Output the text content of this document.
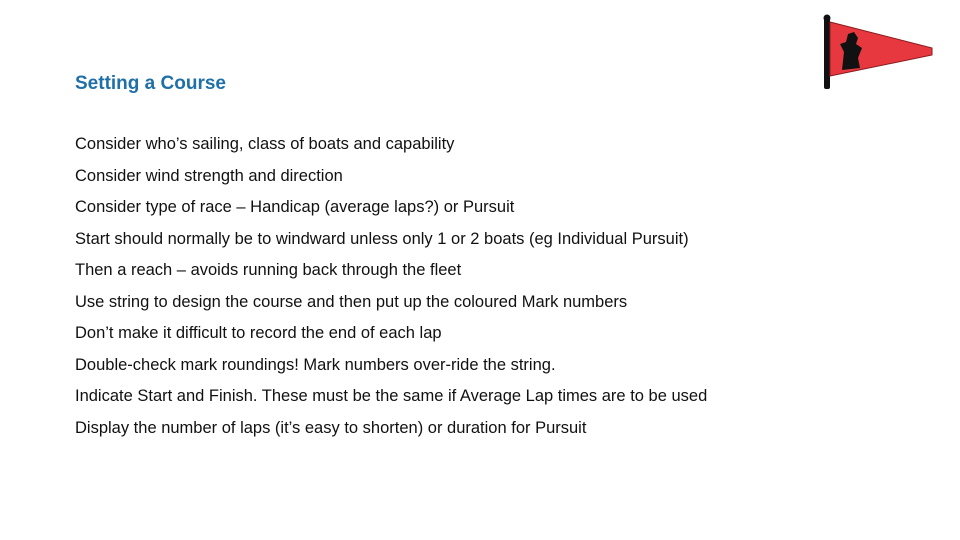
Setting a Course
Consider who’s sailing, class of boats and capability
Consider wind strength and direction
Consider type of race – Handicap (average laps?) or Pursuit
Start should normally be to windward unless only 1 or 2 boats (eg Individual Pursuit)
Then a reach – avoids running back through the fleet
Use string to design the course and then put up the coloured Mark numbers
Don’t make it difficult to record the end of each lap
Double-check mark roundings! Mark numbers over-ride the string.
Indicate Start and Finish. These must be the same if Average Lap times are to be used
Display the number of laps (it’s easy to shorten) or duration for Pursuit
